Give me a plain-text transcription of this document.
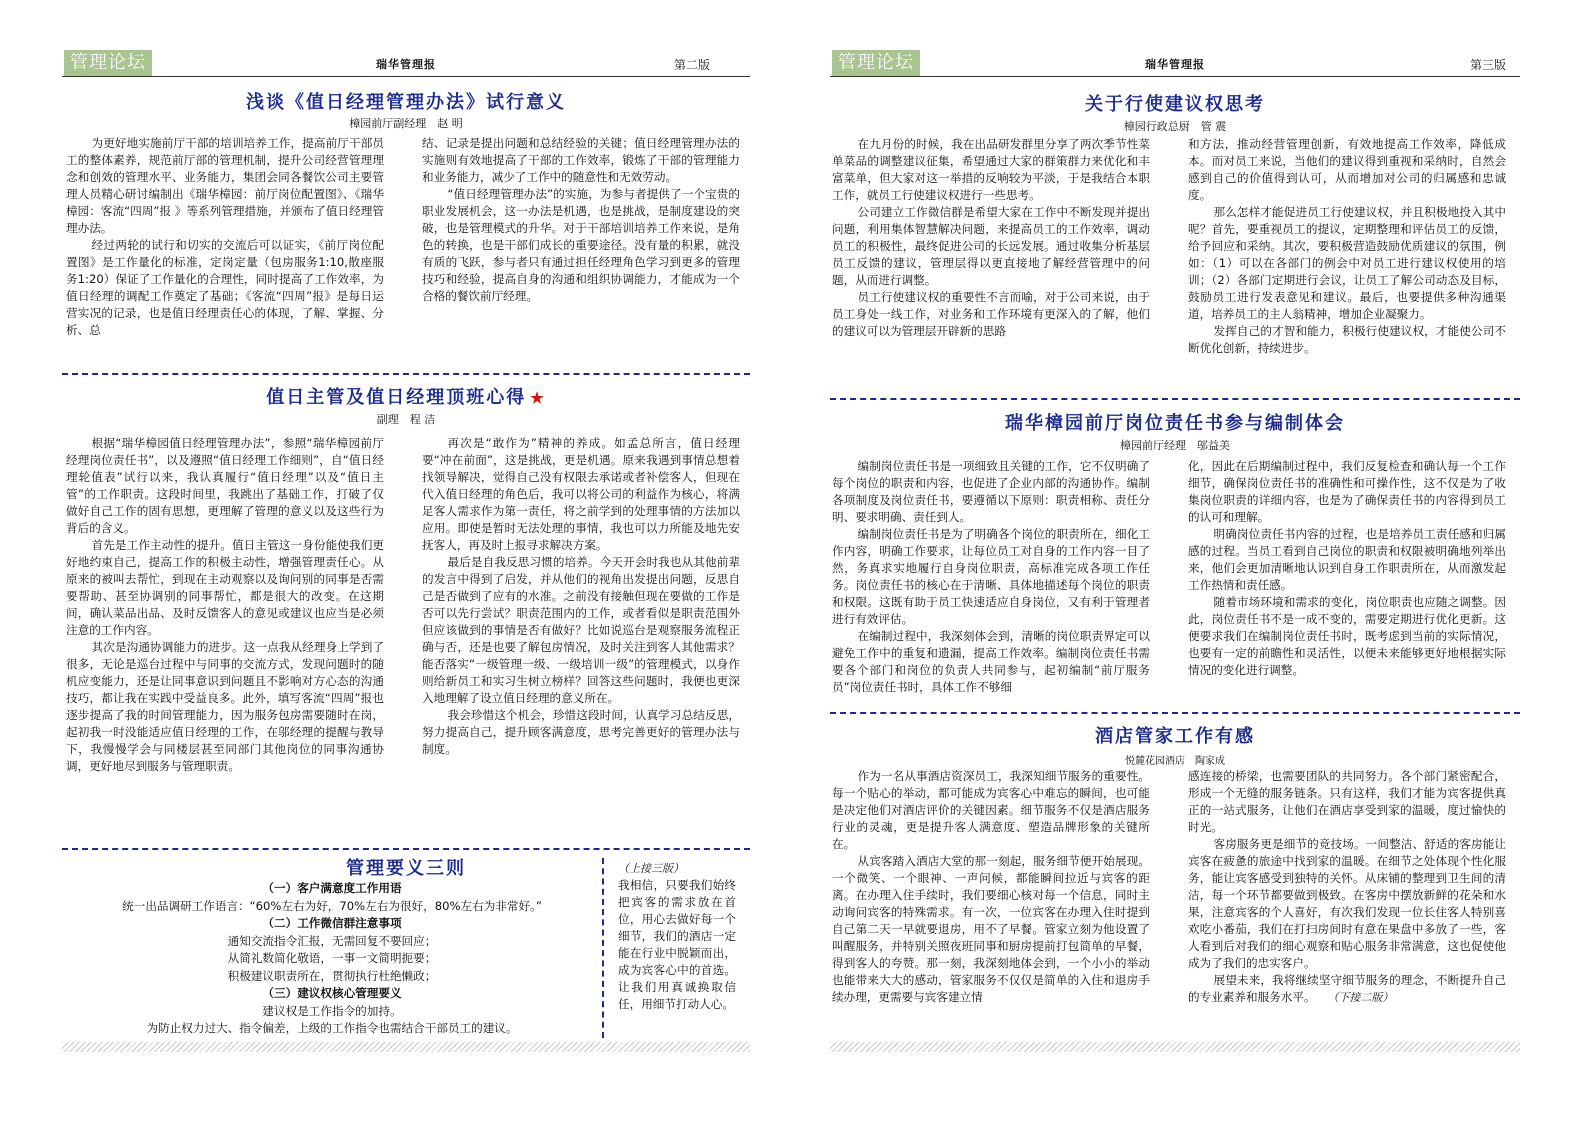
管理论坛	瑞华管理报	第二版
浅谈《值日经理管理办法》试行意义
樟园前厅副经理　赵 明

为更好地实施前厅干部的培训培养工作，提高前厅干部员工的整体素养，规范前厅部的管理机制，提升公司经营管理理念和创效的管理水平、业务能力，集团会同各餐饮公司主要管理人员精心研讨编制出《瑞华樟园：前厅岗位配置图》、《瑞华樟园：客流“四周”报 》等系列管理措施，并颁布了值日经理管理办法。

经过两轮的试行和切实的交流后可以证实，《前厅岗位配置图》是工作量化的标准，定岗定量（包房服务1:10,散座服务1:20）保证了工作量化的合理性，同时提高了工作效率，为值日经理的调配工作奠定了基础；《客流“四周”报》是每日运营实况的记录，也是值日经理责任心的体现，了解、掌握、分析、总

结、记录是提出问题和总结经验的关键；值日经理管理办法的实施则有效地提高了干部的工作效率，锻炼了干部的管理能力和业务能力，减少了工作中的随意性和无效劳动。

“值日经理管理办法”的实施，为参与者提供了一个宝贵的职业发展机会，这一办法是机遇，也是挑战，是制度建设的突破，也是管理模式的升华。对于干部培训培养工作来说，是角色的转换，也是干部们成长的重要途径。没有量的积累，就没有质的飞跃，参与者只有通过担任经理角色学习到更多的管理技巧和经验，提高自身的沟通和组织协调能力，才能成为一个合格的餐饮前厅经理。

值日主管及值日经理顶班心得 ★
副理　程 洁

根据“瑞华樟园值日经理管理办法”，参照“瑞华樟园前厅经理岗位责任书”，以及遵照“值日经理工作细则”，自“值日经理轮值表”试行以来，我认真履行“值日经理”以及“值日主管”的工作职责。这段时间里，我跳出了基础工作，打破了仅做好自己工作的固有思想，更理解了管理的意义以及这些行为背后的含义。

首先是工作主动性的提升。值日主管这一身份能使我们更好地约束自己，提高工作的积极主动性，增强管理责任心。从原来的被叫去帮忙，到现在主动观察以及询问别的同事是否需要帮助、甚至协调别的同事帮忙，都是很大的改变。在这期间，确认菜品出品、及时反馈客人的意见或建议也应当是必须注意的工作内容。

其次是沟通协调能力的进步。这一点我从经理身上学到了很多，无论是巡台过程中与同事的交流方式，发现问题时的随机应变能力，还是让同事意识到问题且不影响对方心态的沟通技巧，都让我在实践中受益良多。此外，填写客流“四周”报也逐步提高了我的时间管理能力，因为服务包房需要随时在岗，起初我一时没能适应值日经理的工作，在邬经理的提醒与教导下，我慢慢学会与同楼层甚至同部门其他岗位的同事沟通协调，更好地尽到服务与管理职责。

再次是“敢作为”精神的养成。如孟总所言，值日经理要“冲在前面”，这是挑战，更是机遇。原来我遇到事情总想着找领导解决，觉得自己没有权限去承诺或者补偿客人，但现在代入值日经理的角色后，我可以将公司的利益作为核心，将满足客人需求作为第一责任，将之前学到的处理事情的方法加以应用。即使是暂时无法处理的事情，我也可以力所能及地先安抚客人，再及时上报寻求解决方案。

最后是自我反思习惯的培养。今天开会时我也从其他前辈的发言中得到了启发，并从他们的视角出发提出问题，反思自己是否做到了应有的水准。之前没有接触但现在要做的工作是否可以先行尝试？职责范围内的工作，或者看似是职责范围外但应该做到的事情是否有做好？比如说巡台是观察服务流程正确与否，还是也要了解包房情况，及时关注到客人其他需求？能否落实“一级管理一级、一级培训一级”的管理模式，以身作则给新员工和实习生树立榜样？回答这些问题时，我便也更深入地理解了设立值日经理的意义所在。

我会珍惜这个机会，珍惜这段时间，认真学习总结反思，努力提高自己，提升顾客满意度，思考完善更好的管理办法与制度。

管理要义三则
（一）客户满意度工作用语
统一出品调研工作语言：“60%左右为好，70%左右为很好，80%左右为非常好。”
（二）工作微信群注意事项
通知交流指令汇报，无需回复不要回应；
从简礼数简化敬语，一事一文简明扼要；
积极建议职责所在，贯彻执行杜绝懒政；
（三）建议权核心管理要义
建议权是工作指令的加持。
为防止权力过大、指令偏差，上级的工作指令也需结合干部员工的建议。

（上接三版）

我相信，只要我们始终把宾客的需求放在首位，用心去做好每一个细节，我们的酒店一定能在行业中脱颖而出，成为宾客心中的首选。让我们用真诚换取信任，用细节打动人心。

管理论坛	瑞华管理报	第三版
关于行使建议权思考
樟园行政总厨　管 震

在九月份的时候，我在出品研发群里分享了两次季节性菜单菜品的调整建议征集，希望通过大家的群策群力来优化和丰富菜单，但大家对这一举措的反响较为平淡，于是我结合本职工作，就员工行使建议权进行一些思考。

公司建立工作微信群是希望大家在工作中不断发现并提出问题，利用集体智慧解决问题，来提高员工的工作效率，调动员工的积极性，最终促进公司的长远发展。通过收集分析基层员工反馈的建议，管理层得以更直接地了解经营管理中的问题，从而进行调整。

员工行使建议权的重要性不言而喻，对于公司来说，由于员工身处一线工作，对业务和工作环境有更深入的了解，他们的建议可以为管理层开辟新的思路

和方法，推动经营管理创新，有效地提高工作效率，降低成本。而对员工来说，当他们的建议得到重视和采纳时，自然会感到自己的价值得到认可，从而增加对公司的归属感和忠诚度。

那么怎样才能促进员工行使建议权，并且积极地投入其中呢？首先，要重视员工的提议，定期整理和评估员工的反馈，给予回应和采纳。其次，要积极营造鼓励优质建议的氛围，例如：（1）可以在各部门的例会中对员工进行建议权使用的培训；（2）各部门定期进行会议，让员工了解公司动态及目标，鼓励员工进行发表意见和建议。最后，也要提供多种沟通渠道，培养员工的主人翁精神，增加企业凝聚力。

发挥自己的才智和能力，积极行使建议权，才能使公司不断优化创新，持续进步。

瑞华樟园前厅岗位责任书参与编制体会
樟园前厅经理　邬益美

编制岗位责任书是一项细致且关键的工作，它不仅明确了每个岗位的职责和内容，也促进了企业内部的沟通协作。编制各项制度及岗位责任书，要遵循以下原则：职责相称、责任分明、要求明确、责任到人。

编制岗位责任书是为了明确各个岗位的职责所在，细化工作内容，明确工作要求，让每位员工对自身的工作内容一目了然，务真求实地履行自身岗位职责，高标准完成各项工作任务。岗位责任书的核心在于清晰、具体地描述每个岗位的职责和权限。这既有助于员工快速适应自身岗位，又有利于管理者进行有效评估。

在编制过程中，我深刻体会到，清晰的岗位职责界定可以避免工作中的重复和遗漏，提高工作效率。编制岗位责任书需要各个部门和岗位的负责人共同参与，起初编制“前厅服务员”岗位责任书时，具体工作不够细

化，因此在后期编制过程中，我们反复检查和确认每一个工作细节，确保岗位责任书的准确性和可操作性，这不仅是为了收集岗位职责的详细内容，也是为了确保责任书的内容得到员工的认可和理解。

明确岗位责任书内容的过程，也是培养员工责任感和归属感的过程。当员工看到自己岗位的职责和权限被明确地列举出来，他们会更加清晰地认识到自身工作职责所在，从而激发起工作热情和责任感。

随着市场环境和需求的变化，岗位职责也应随之调整。因此，岗位责任书不是一成不变的，需要定期进行优化更新。这便要求我们在编制岗位责任书时，既考虑到当前的实际情况，也要有一定的前瞻性和灵活性，以便未来能够更好地根据实际情况的变化进行调整。

酒店管家工作有感
悦麓花园酒店　陶家成

作为一名从事酒店资深员工，我深知细节服务的重要性。每一个贴心的举动，都可能成为宾客心中难忘的瞬间，也可能是决定他们对酒店评价的关键因素。细节服务不仅是酒店服务行业的灵魂，更是提升客人满意度、塑造品牌形象的关键所在。

从宾客踏入酒店大堂的那一刻起，服务细节便开始展现。一个微笑、一个眼神、一声问候，都能瞬间拉近与宾客的距离。在办理入住手续时，我们要细心核对每一个信息，同时主动询问宾客的特殊需求。有一次，一位宾客在办理入住时提到自己第二天一早就要退房，用不了早餐。管家立刻为他设置了叫醒服务，并特别关照夜班同事和厨房提前打包简单的早餐，得到客人的夸赞。那一刻，我深刻地体会到，一个小小的举动也能带来大大的感动，管家服务不仅仅是简单的入住和退房手续办理，更需要与宾客建立情

感连接的桥梁，也需要团队的共同努力。各个部门紧密配合，形成一个无缝的服务链条。只有这样，我们才能为宾客提供真正的一站式服务，让他们在酒店享受到家的温暖，度过愉快的时光。

客房服务更是细节的竞技场。一间整洁、舒适的客房能让宾客在疲惫的旅途中找到家的温暖。在细节之处体现个性化服务，能让宾客感受到独特的关怀。从床铺的整理到卫生间的清洁，每一个环节都要做到极致。在客房中摆放新鲜的花朵和水果，注意宾客的个人喜好，有次我们发现一位长住客人特别喜欢吃小番茄，我们在打扫房间时有意在果盘中多放了一些，客人看到后对我们的细心观察和贴心服务非常满意，这也促使他成为了我们的忠实客户。

展望未来，我将继续坚守细节服务的理念，不断提升自己的专业素养和服务水平。　　 （下接二版）
